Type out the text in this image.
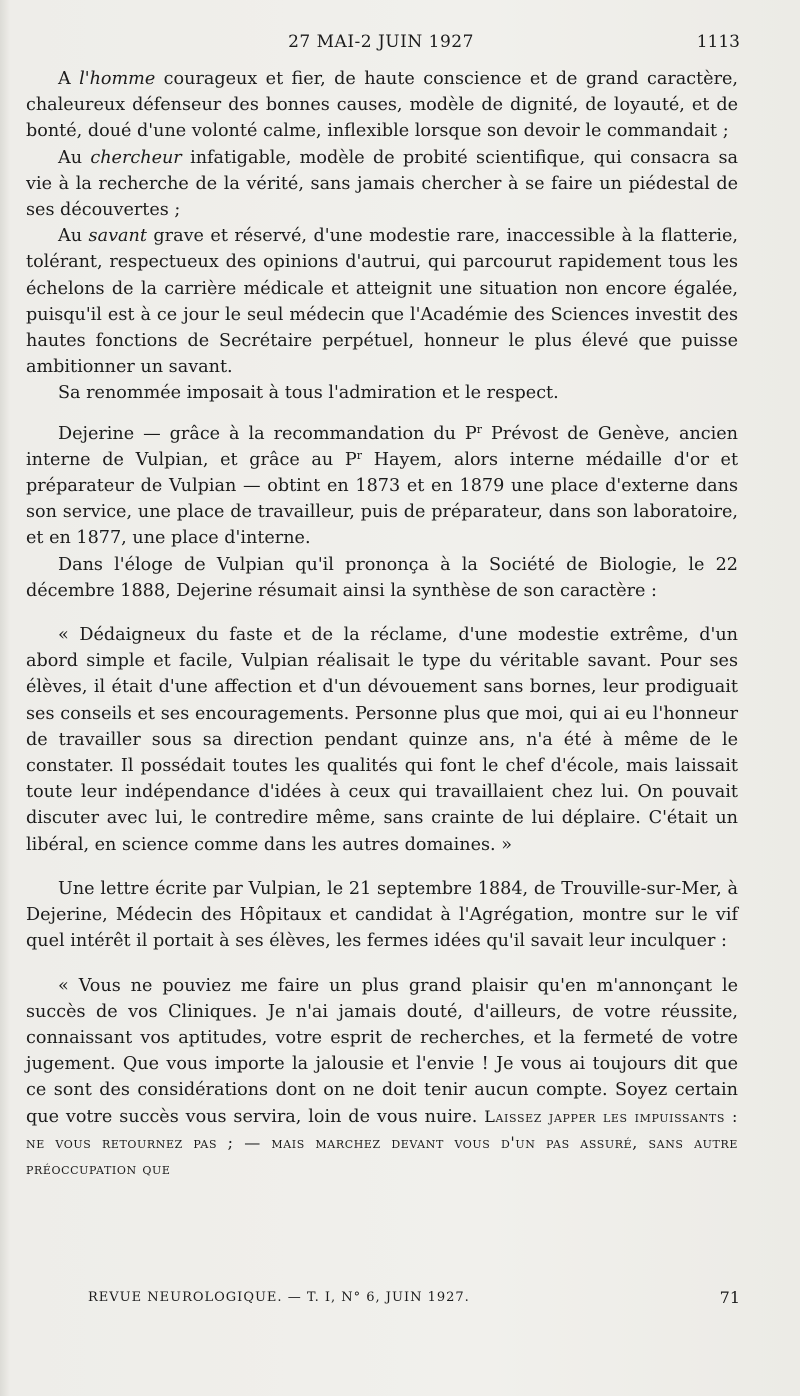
27 MAI-2 JUIN 1927	1113

A l'homme courageux et fier, de haute conscience et de grand caractère, chaleureux défenseur des bonnes causes, modèle de dignité, de loyauté, et de bonté, doué d'une volonté calme, inflexible lorsque son devoir le commandait ;

Au chercheur infatigable, modèle de probité scientifique, qui consacra sa vie à la recherche de la vérité, sans jamais chercher à se faire un piédestal de ses découvertes ;

Au savant grave et réservé, d'une modestie rare, inaccessible à la flatterie, tolérant, respectueux des opinions d'autrui, qui parcourut rapidement tous les échelons de la carrière médicale et atteignit une situation non encore égalée, puisqu'il est à ce jour le seul médecin que l'Académie des Sciences investit des hautes fonctions de Secrétaire perpétuel, honneur le plus élevé que puisse ambitionner un savant.

Sa renommée imposait à tous l'admiration et le respect.

Dejerine — grâce à la recommandation du $P^r$ Prévost de Genève, ancien interne de Vulpian, et grâce au $P^r$ Hayem, alors interne médaille d'or et préparateur de Vulpian — obtint en 1873 et en 1879 une place d'externe dans son service, une place de travailleur, puis de préparateur, dans son laboratoire, et en 1877, une place d'interne.

Dans l'éloge de Vulpian qu'il prononça à la Société de Biologie, le 22 décembre 1888, Dejerine résumait ainsi la synthèse de son caractère :

« Dédaigneux du faste et de la réclame, d'une modestie extrême, d'un abord simple et facile, Vulpian réalisait le type du véritable savant. Pour ses élèves, il était d'une affection et d'un dévouement sans bornes, leur prodiguait ses conseils et ses encouragements. Personne plus que moi, qui ai eu l'honneur de travailler sous sa direction pendant quinze ans, n'a été à même de le constater. Il possédait toutes les qualités qui font le chef d'école, mais laissait toute leur indépendance d'idées à ceux qui travaillaient chez lui. On pouvait discuter avec lui, le contredire même, sans crainte de lui déplaire. C'était un libéral, en science comme dans les autres domaines. »

Une lettre écrite par Vulpian, le 21 septembre 1884, de Trouville-sur-Mer, à Dejerine, Médecin des Hôpitaux et candidat à l'Agrégation, montre sur le vif quel intérêt il portait à ses élèves, les fermes idées qu'il savait leur inculquer :

« Vous ne pouviez me faire un plus grand plaisir qu'en m'annonçant le succès de vos Cliniques. Je n'ai jamais douté, d'ailleurs, de votre réussite, connaissant vos aptitudes, votre esprit de recherches, et la fermeté de votre jugement. Que vous importe la jalousie et l'envie ! Je vous ai toujours dit que ce sont des considérations dont on ne doit tenir aucun compte. Soyez certain que votre succès vous servira, loin de vous nuire. Laissez japper les impuissants : ne vous retournez pas ; — mais marchez devant vous d'un pas assuré, sans autre préoccupation que

REVUE NEUROLOGIQUE. — T. I, N° 6, JUIN 1927.	71
